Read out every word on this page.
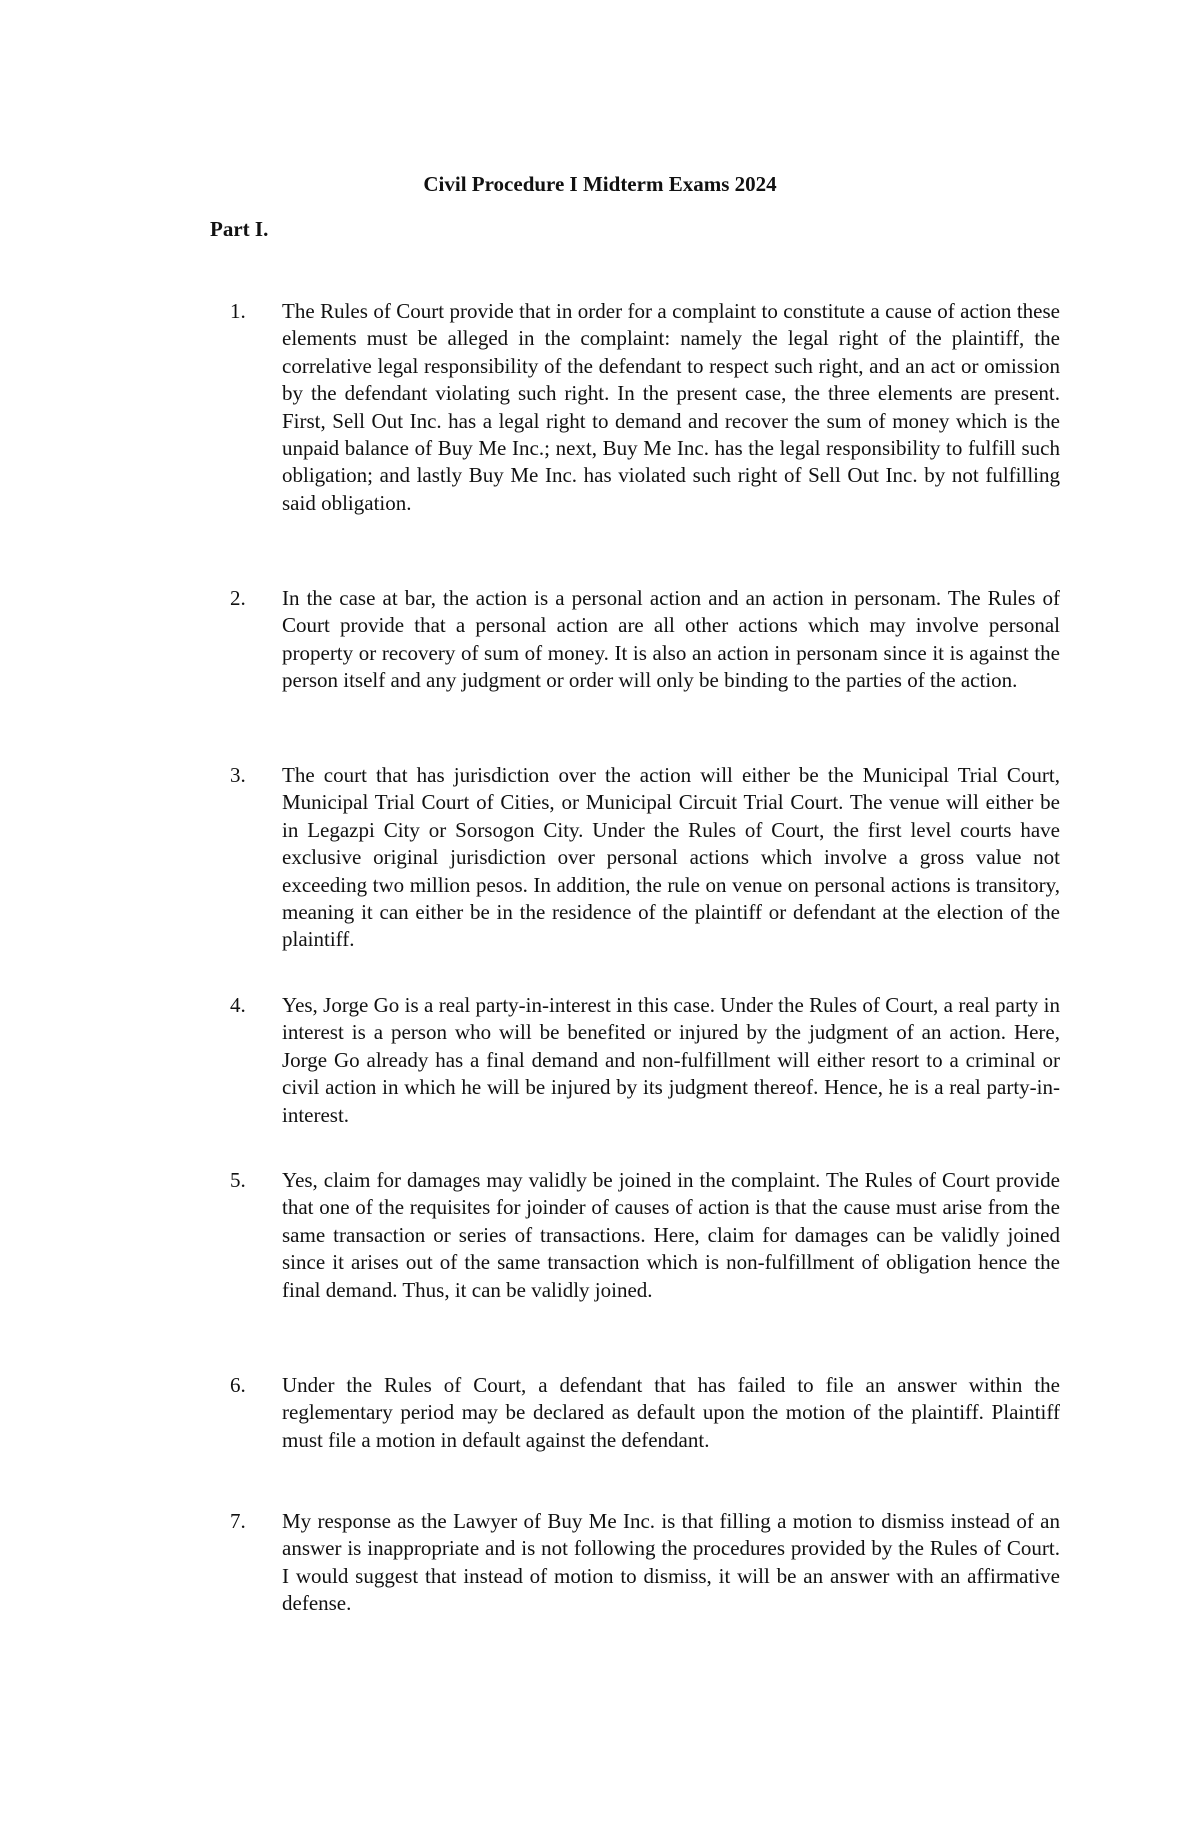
Civil Procedure I Midterm Exams 2024
Part I.
1.	The Rules of Court provide that in order for a complaint to constitute a cause of action these elements must be alleged in the complaint: namely the legal right of the plaintiff, the correlative legal responsibility of the defendant to respect such right, and an act or omission by the defendant violating such right. In the present case, the three elements are present. First, Sell Out Inc. has a legal right to demand and recover the sum of money which is the unpaid balance of Buy Me Inc.; next, Buy Me Inc. has the legal responsibility to fulfill such obligation; and lastly Buy Me Inc. has violated such right of Sell Out Inc. by not fulfilling said obligation.
2.	In the case at bar, the action is a personal action and an action in personam. The Rules of Court provide that a personal action are all other actions which may involve personal property or recovery of sum of money. It is also an action in personam since it is against the person itself and any judgment or order will only be binding to the parties of the action.
3.	The court that has jurisdiction over the action will either be the Municipal Trial Court, Municipal Trial Court of Cities, or Municipal Circuit Trial Court. The venue will either be in Legazpi City or Sorsogon City. Under the Rules of Court, the first level courts have exclusive original jurisdiction over personal actions which involve a gross value not exceeding two million pesos. In addition, the rule on venue on personal actions is transitory, meaning it can either be in the residence of the plaintiff or defendant at the election of the plaintiff.
4.	Yes, Jorge Go is a real party-in-interest in this case. Under the Rules of Court, a real party in interest is a person who will be benefited or injured by the judgment of an action. Here, Jorge Go already has a final demand and non-fulfillment will either resort to a criminal or civil action in which he will be injured by its judgment thereof. Hence, he is a real party-in-interest.
5.	Yes, claim for damages may validly be joined in the complaint. The Rules of Court provide that one of the requisites for joinder of causes of action is that the cause must arise from the same transaction or series of transactions. Here, claim for damages can be validly joined since it arises out of the same transaction which is non-fulfillment of obligation hence the final demand. Thus, it can be validly joined.
6.	Under the Rules of Court, a defendant that has failed to file an answer within the reglementary period may be declared as default upon the motion of the plaintiff. Plaintiff must file a motion in default against the defendant.
7.	My response as the Lawyer of Buy Me Inc. is that filling a motion to dismiss instead of an answer is inappropriate and is not following the procedures provided by the Rules of Court. I would suggest that instead of motion to dismiss, it will be an answer with an affirmative defense.
